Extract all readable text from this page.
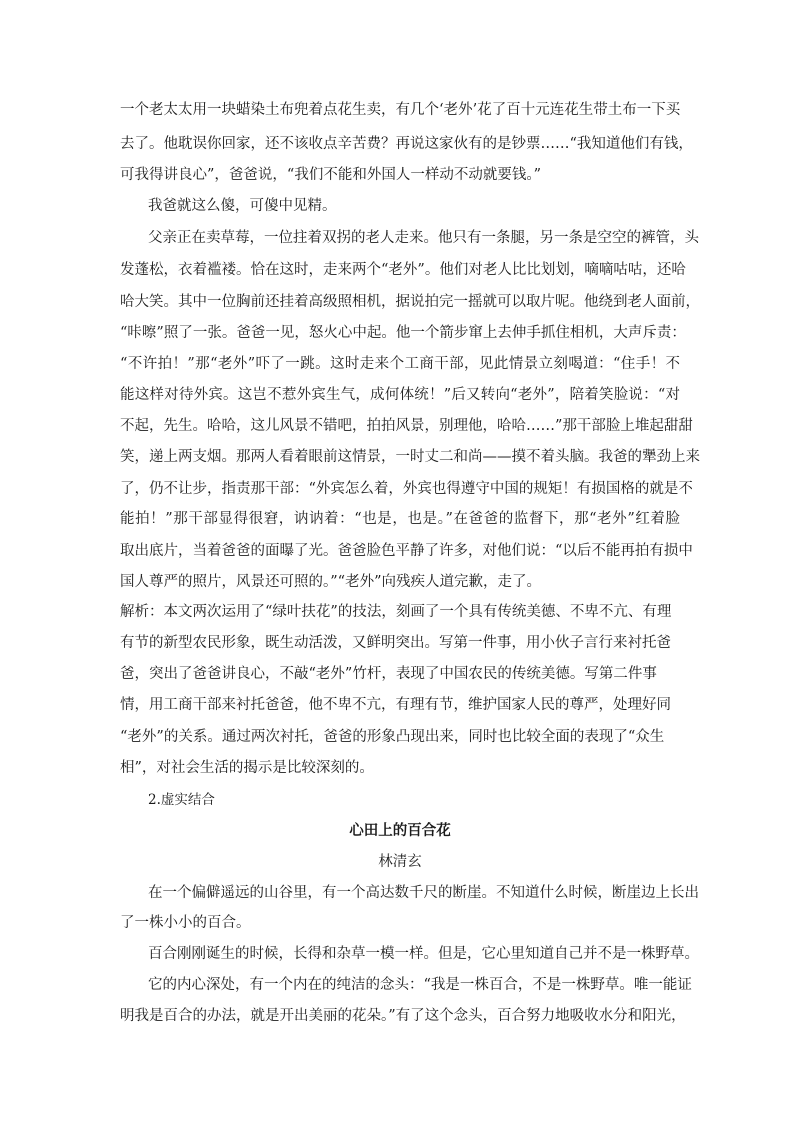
一个老太太用一块蜡染土布兜着点花生卖，有几个‘老外’花了百十元连花生带土布一下买
去了。他耽误你回家，还不该收点辛苦费？再说这家伙有的是钞票……“我知道他们有钱，
可我得讲良心”，爸爸说，“我们不能和外国人一样动不动就要钱。”
我爸就这么傻，可傻中见精。
父亲正在卖草莓，一位拄着双拐的老人走来。他只有一条腿，另一条是空空的裤管，头
发蓬松，衣着褴褛。恰在这时，走来两个“老外”。他们对老人比比划划，嘀嘀咕咕，还哈
哈大笑。其中一位胸前还挂着高级照相机，据说拍完一摇就可以取片呢。他绕到老人面前，
“咔嚓”照了一张。爸爸一见，怒火心中起。他一个箭步窜上去伸手抓住相机，大声斥责：
“不许拍！”那“老外”吓了一跳。这时走来个工商干部，见此情景立刻喝道：“住手！不
能这样对待外宾。这岂不惹外宾生气，成何体统！”后又转向“老外”，陪着笑脸说：“对
不起，先生。哈哈，这儿风景不错吧，拍拍风景，别理他，哈哈……”那干部脸上堆起甜甜
笑，递上两支烟。那两人看着眼前这情景，一时丈二和尚——摸不着头脑。我爸的犟劲上来
了，仍不让步，指责那干部：“外宾怎么着，外宾也得遵守中国的规矩！有损国格的就是不
能拍！”那干部显得很窘，讷讷着：“也是，也是。”在爸爸的监督下，那“老外”红着脸
取出底片，当着爸爸的面曝了光。爸爸脸色平静了许多，对他们说：“以后不能再拍有损中
国人尊严的照片，风景还可照的。”“老外”向残疾人道完歉，走了。
解析：本文两次运用了“绿叶扶花”的技法，刻画了一个具有传统美德、不卑不亢、有理
有节的新型农民形象，既生动活泼，又鲜明突出。写第一件事，用小伙子言行来衬托爸
爸，突出了爸爸讲良心，不敲“老外”竹杆，表现了中国农民的传统美德。写第二件事
情，用工商干部来衬托爸爸，他不卑不亢，有理有节，维护国家人民的尊严，处理好同
“老外”的关系。通过两次衬托，爸爸的形象凸现出来，同时也比较全面的表现了“众生
相”，对社会生活的揭示是比较深刻的。
2.虚实结合
心田上的百合花
林清玄
在一个偏僻遥远的山谷里，有一个高达数千尺的断崖。不知道什么时候，断崖边上长出
了一株小小的百合。
百合刚刚诞生的时候，长得和杂草一模一样。但是，它心里知道自己并不是一株野草。
它的内心深处，有一个内在的纯洁的念头：“我是一株百合，不是一株野草。唯一能证
明我是百合的办法，就是开出美丽的花朵。”有了这个念头，百合努力地吸收水分和阳光，
